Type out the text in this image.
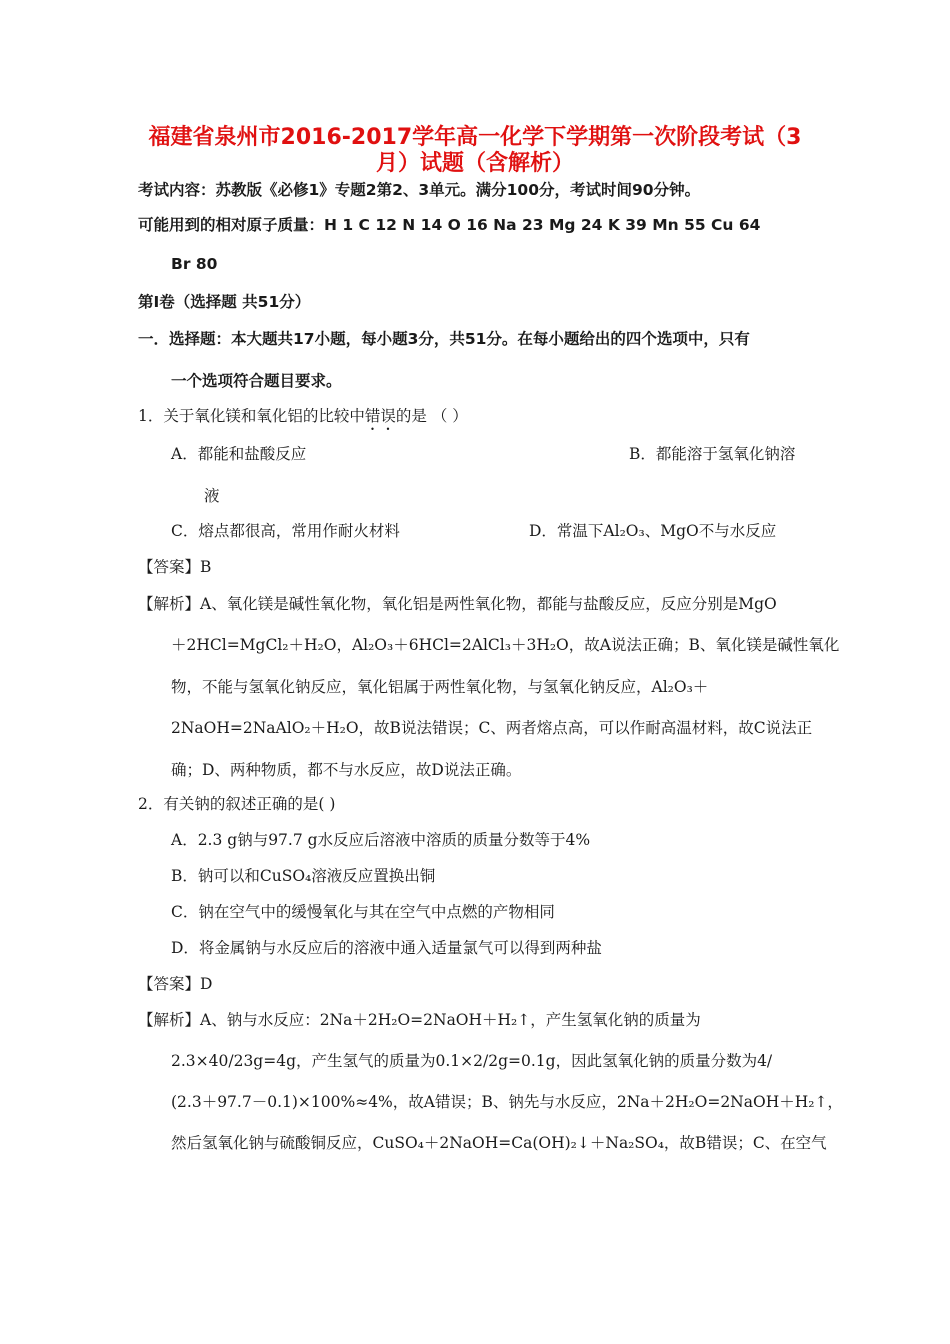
福建省泉州市2016-2017学年高一化学下学期第一次阶段考试（3
月）试题（含解析）
考试内容：苏教版《必修1》专题2第2、3单元。满分100分，考试时间90分钟。
可能用到的相对原子质量：H 1 C 12 N 14 O 16 Na 23 Mg 24 K 39 Mn 55 Cu 64
Br 80
第Ⅰ卷（选择题 共51分）
一．选择题：本大题共17小题，每小题3分，共51分。在每小题给出的四个选项中，只有
一个选项符合题目要求。
1．关于氧化镁和氧化铝的比较中错误的是 （ ）
A．都能和盐酸反应	B．都能溶于氢氧化钠溶
液
C．熔点都很高，常用作耐火材料	D．常温下Al₂O₃、MgO不与水反应
【答案】B
【解析】A、氧化镁是碱性氧化物，氧化铝是两性氧化物，都能与盐酸反应，反应分别是MgO
＋2HCl=MgCl₂＋H₂O，Al₂O₃＋6HCl=2AlCl₃＋3H₂O，故A说法正确；B、氧化镁是碱性氧化
物，不能与氢氧化钠反应，氧化铝属于两性氧化物，与氢氧化钠反应，Al₂O₃＋
2NaOH=2NaAlO₂＋H₂O，故B说法错误；C、两者熔点高，可以作耐高温材料，故C说法正
确；D、两种物质，都不与水反应，故D说法正确。
2．有关钠的叙述正确的是( )
A．2.3 g钠与97.7 g水反应后溶液中溶质的质量分数等于4%
B．钠可以和CuSO₄溶液反应置换出铜
C．钠在空气中的缓慢氧化与其在空气中点燃的产物相同
D．将金属钠与水反应后的溶液中通入适量氯气可以得到两种盐
【答案】D
【解析】A、钠与水反应：2Na＋2H₂O=2NaOH＋H₂↑，产生氢氧化钠的质量为
2.3×40/23g=4g，产生氢气的质量为0.1×2/2g=0.1g，因此氢氧化钠的质量分数为4/
(2.3＋97.7－0.1)×100%≈4%，故A错误；B、钠先与水反应，2Na＋2H₂O=2NaOH＋H₂↑，
然后氢氧化钠与硫酸铜反应，CuSO₄＋2NaOH=Ca(OH)₂↓＋Na₂SO₄，故B错误；C、在空气
